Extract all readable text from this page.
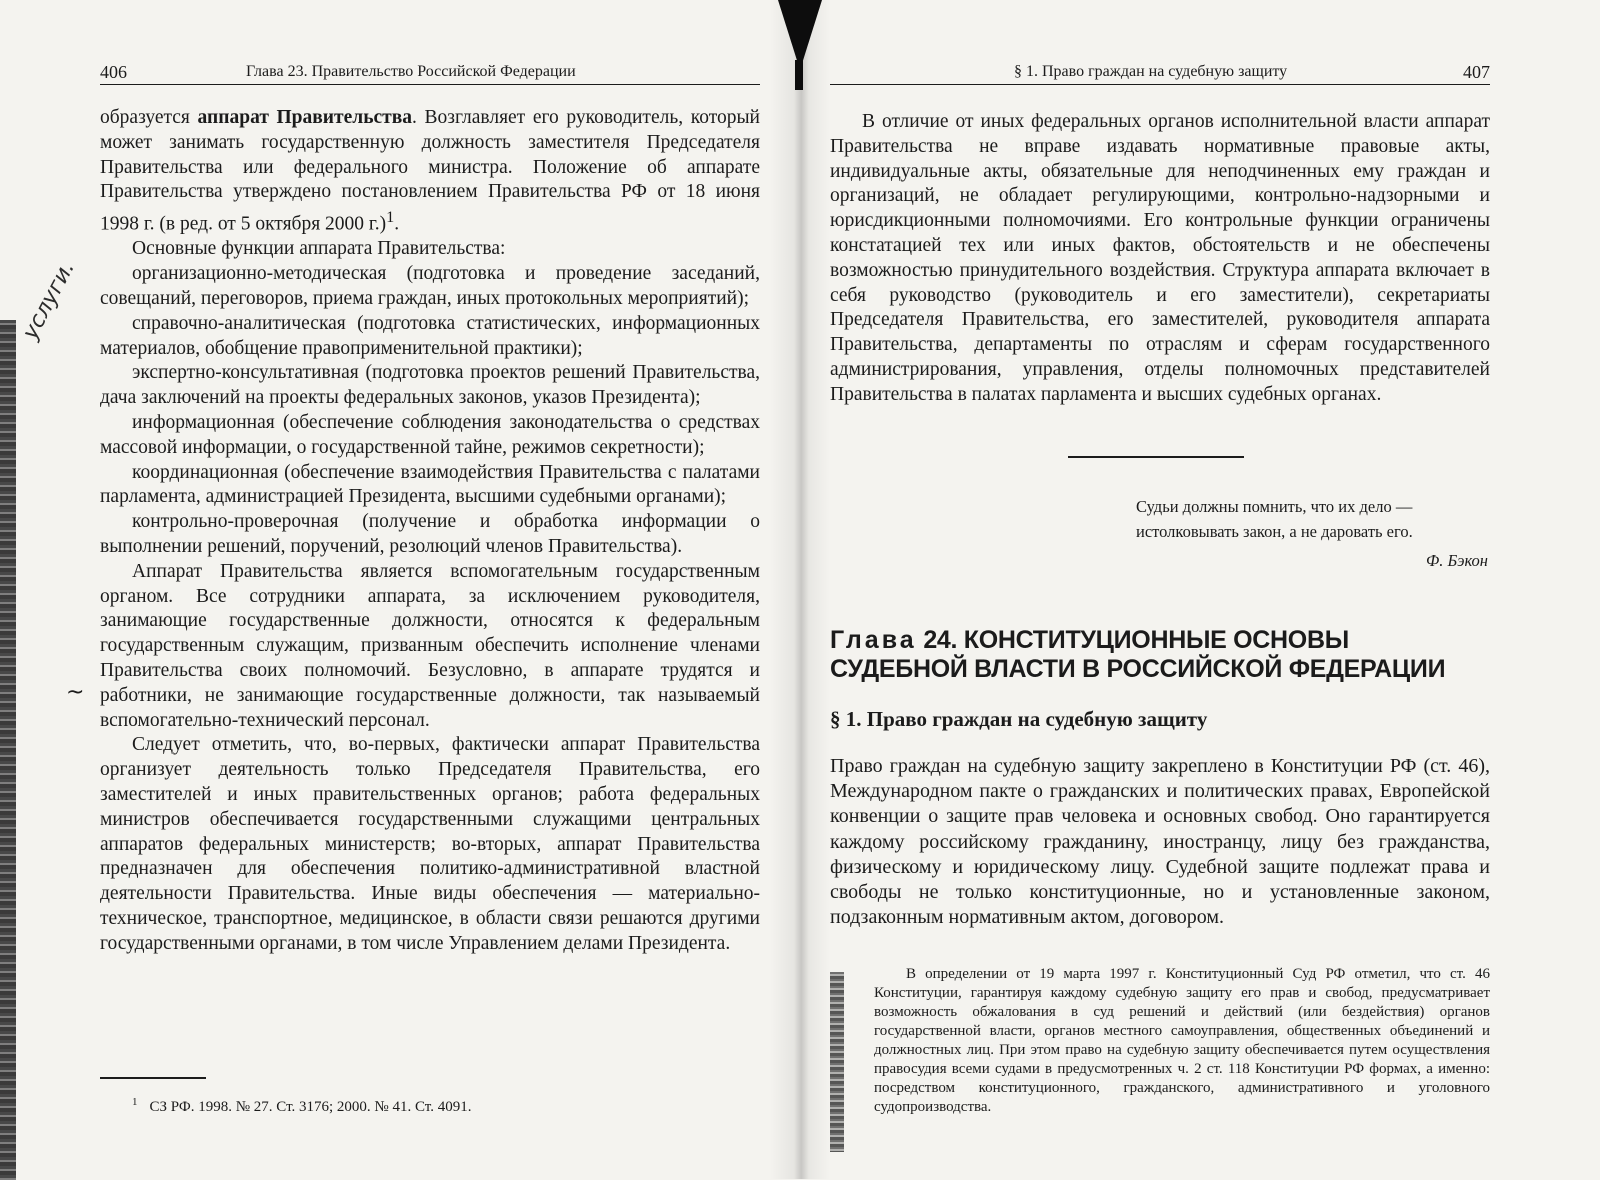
услуги.
~
406	Глава 23. Правительство Российской Федерации

образуется аппарат Правительства. Возглавляет его руководитель, который может занимать государственную должность заместителя Председателя Правительства или федерального министра. Положение об аппарате Правительства утверждено постановлением Правительства РФ от 18 июня 1998 г. (в ред. от 5 октября 2000 г.)$^1$.

Основные функции аппарата Правительства:

организационно-методическая (подготовка и проведение заседаний, совещаний, переговоров, приема граждан, иных протокольных мероприятий);

справочно-аналитическая (подготовка статистических, информационных материалов, обобщение правоприменительной практики);

экспертно-консультативная (подготовка проектов решений Правительства, дача заключений на проекты федеральных законов, указов Президента);

информационная (обеспечение соблюдения законодательства о средствах массовой информации, о государственной тайне, режимов секретности);

координационная (обеспечение взаимодействия Правительства с палатами парламента, администрацией Президента, высшими судебными органами);

контрольно-проверочная (получение и обработка информации о выполнении решений, поручений, резолюций членов Правительства).

Аппарат Правительства является вспомогательным государственным органом. Все сотрудники аппарата, за исключением руководителя, занимающие государственные должности, относятся к федеральным государственным служащим, призванным обеспечить исполнение членами Правительства своих полномочий. Безусловно, в аппарате трудятся и работники, не занимающие государственные должности, так называемый вспомогательно-технический персонал.

Следует отметить, что, во-первых, фактически аппарат Правительства организует деятельность только Председателя Правительства, его заместителей и иных правительственных органов; работа федеральных министров обеспечивается государственными служащими центральных аппаратов федеральных министерств; во-вторых, аппарат Правительства предназначен для обеспечения политико-административной властной деятельности Правительства. Иные виды обеспечения — материально-техническое, транспортное, медицинское, в области связи решаются другими государственными органами, в том числе Управлением делами Президента.

$^1$ СЗ РФ. 1998. № 27. Ст. 3176; 2000. № 41. Ст. 4091.
§ 1. Право граждан на судебную защиту	407

В отличие от иных федеральных органов исполнительной власти аппарат Правительства не вправе издавать нормативные правовые акты, индивидуальные акты, обязательные для неподчиненных ему граждан и организаций, не обладает регулирующими, контрольно-надзорными и юрисдикционными полномочиями. Его контрольные функции ограничены констатацией тех или иных фактов, обстоятельств и не обеспечены возможностью принудительного воздействия. Структура аппарата включает в себя руководство (руководитель и его заместители), секретариаты Председателя Правительства, его заместителей, руководителя аппарата Правительства, департаменты по отраслям и сферам государственного администрирования, управления, отделы полномочных представителей Правительства в палатах парламента и высших судебных органах.

Судьи должны помнить, что их дело —
истолковывать закон, а не даровать его.
Ф. Бэкон
Глава 24. КОНСТИТУЦИОННЫЕ ОСНОВЫ
СУДЕБНОЙ ВЛАСТИ В РОССИЙСКОЙ ФЕДЕРАЦИИ
§ 1. Право граждан на судебную защиту

Право граждан на судебную защиту закреплено в Конституции РФ (ст. 46), Международном пакте о гражданских и политических правах, Европейской конвенции о защите прав человека и основных свобод. Оно гарантируется каждому российскому гражданину, иностранцу, лицу без гражданства, физическому и юридическому лицу. Судебной защите подлежат права и свободы не только конституционные, но и установленные законом, подзаконным нормативным актом, договором.

В определении от 19 марта 1997 г. Конституционный Суд РФ отметил, что ст. 46 Конституции, гарантируя каждому судебную защиту его прав и свобод, предусматривает возможность обжалования в суд решений и действий (или бездействия) органов государственной власти, органов местного самоуправления, общественных объединений и должностных лиц. При этом право на судебную защиту обеспечивается путем осуществления правосудия всеми судами в предусмотренных ч. 2 ст. 118 Конституции РФ формах, а именно: посредством конституционного, гражданского, административного и уголовного судопроизводства.
